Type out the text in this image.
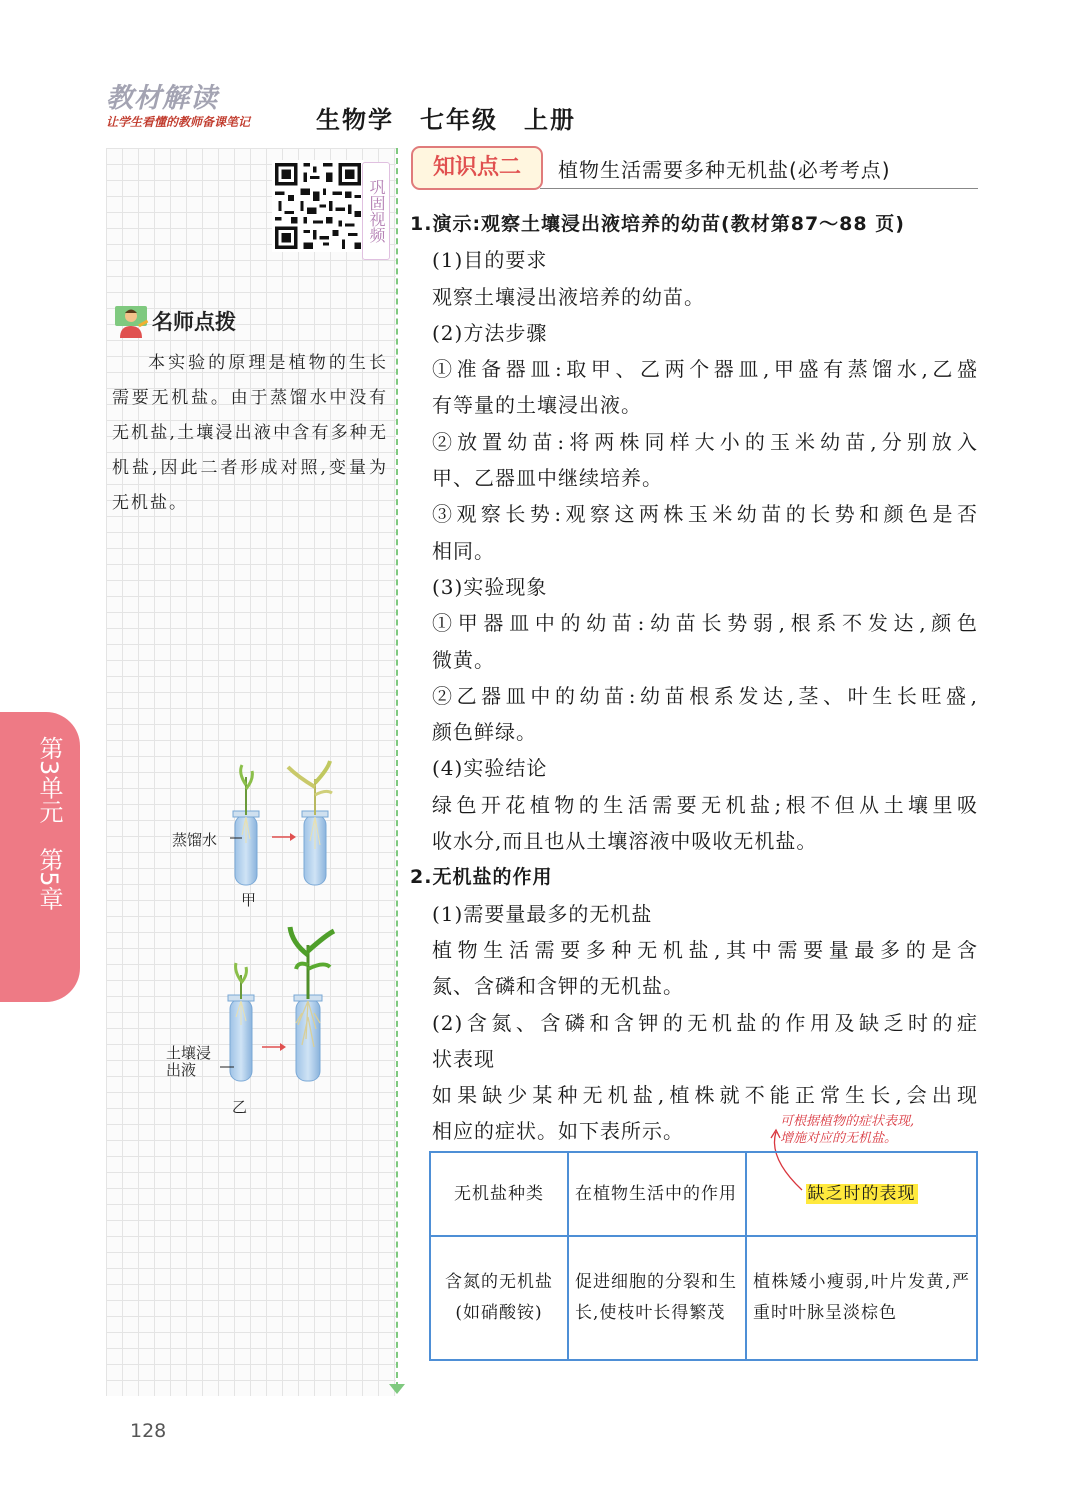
教材解读
让学生看懂的教师备课笔记	生物学　七年级　上册
巩固视频
名师点拨
本实验的原理是植物的生长需要无机盐。由于蒸馏水中没有无机盐,土壤浸出液中含有多种无机盐,因此二者形成对照,变量为无机盐。
第3单元　第5章	蒸馏水
甲
土壤浸
出液
乙
知识点二	植物生活需要多种无机盐(必考考点)
1.演示:观察土壤浸出液培养的幼苗(教材第87～88 页)
(1)目的要求
观察土壤浸出液培养的幼苗。
(2)方法步骤
①准备器皿:取甲、乙两个器皿,甲盛有蒸馏水,乙盛
有等量的土壤浸出液。
②放置幼苗:将两株同样大小的玉米幼苗,分别放入
甲、乙器皿中继续培养。
③观察长势:观察这两株玉米幼苗的长势和颜色是否
相同。
(3)实验现象
①甲器皿中的幼苗:幼苗长势弱,根系不发达,颜色
微黄。
②乙器皿中的幼苗:幼苗根系发达,茎、叶生长旺盛,
颜色鲜绿。
(4)实验结论
绿色开花植物的生活需要无机盐;根不但从土壤里吸
收水分,而且也从土壤溶液中吸收无机盐。
2.无机盐的作用
(1)需要量最多的无机盐
植物生活需要多种无机盐,其中需要量最多的是含
氮、含磷和含钾的无机盐。
(2)含氮、含磷和含钾的无机盐的作用及缺乏时的症
状表现
如果缺少某种无机盐,植株就不能正常生长,会出现
相应的症状。如下表所示。	可根据植物的症状表现,
增施对应的无机盐。
无机盐种类	在植物生活中的作用	缺乏时的表现

含氮的无机盐
(如硝酸铵)	促进细胞的分裂和生长,使枝叶长得繁茂	植株矮小瘦弱,叶片发黄,严重时叶脉呈淡棕色
128
